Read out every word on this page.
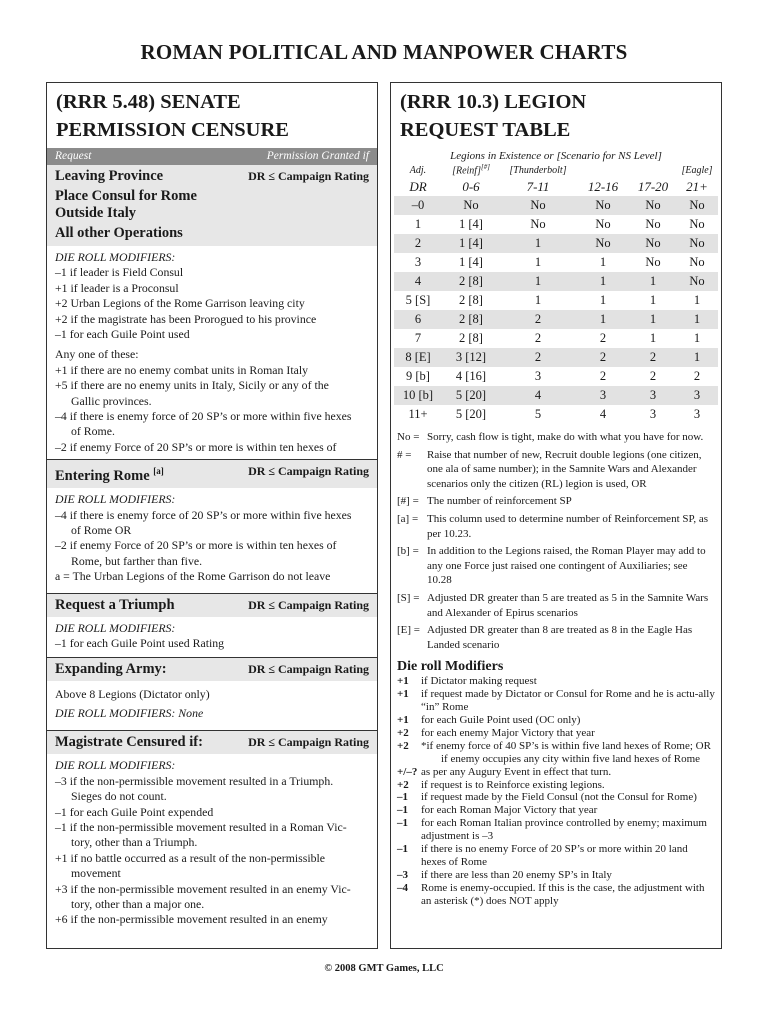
ROMAN POLITICAL AND MANPOWER CHARTS
(RRR 5.48) SENATE
PERMISSION CENSURE
Request	Permission Granted if
Leaving Province	DR ≤ Campaign Rating
Place Consul for Rome
Outside Italy
All other Operations
DIE ROLL MODIFIERS:
–1 if leader is Field Consul
+1 if leader is a Proconsul
+2 Urban Legions of the Rome Garrison leaving city
+2 if the magistrate has been Prorogued to his province
–1 for each Guile Point used
Any one of these:
+1 if there are no enemy combat units in Roman Italy
+5 if there are no enemy units in Italy, Sicily or any of the
Gallic provinces.
–4 if there is enemy force of 20 SP’s or more within five hexes
of Rome.
–2 if enemy Force of 20 SP’s or more is within ten hexes of
Entering Rome [a]	DR ≤ Campaign Rating
DIE ROLL MODIFIERS:
–4 if there is enemy force of 20 SP’s or more within five hexes
of Rome OR
–2 if enemy Force of 20 SP’s or more is within ten hexes of
Rome, but farther than five.
a = The Urban Legions of the Rome Garrison do not leave
Request a Triumph	DR ≤ Campaign Rating
DIE ROLL MODIFIERS:
–1 for each Guile Point used Rating
Expanding Army:	DR ≤ Campaign Rating
Above 8 Legions (Dictator only)
DIE ROLL MODIFIERS: None
Magistrate Censured if:	DR ≤ Campaign Rating
DIE ROLL MODIFIERS:
–3 if the non-permissible movement resulted in a Triumph.
Sieges do not count.
–1 for each Guile Point expended
–1 if the non-permissible movement resulted in a Roman Vic-
tory, other than a Triumph.
+1 if no battle occurred as a result of the non-permissible
movement
+3 if the non-permissible movement resulted in an enemy Vic-
tory, other than a major one.
+6 if the non-permissible movement resulted in an enemy
(RRR 10.3) LEGION
REQUEST TABLE
Legions in Existence or [Scenario for NS Level]
Adj.	[Reinf][#]	[Thunderbolt]			[Eagle]
DR	0-6	7-11	12-16	17-20	21+
–0	No	No	No	No	No
1	1 [4]	No	No	No	No
2	1 [4]	1	No	No	No
3	1 [4]	1	1	No	No
4	2 [8]	1	1	1	No
5 [S]	2 [8]	1	1	1	1
6	2 [8]	2	1	1	1
7	2 [8]	2	2	1	1
8 [E]	3 [12]	2	2	2	1
9 [b]	4 [16]	3	2	2	2
10 [b]	5 [20]	4	3	3	3
11+	5 [20]	5	4	3	3
No = Sorry, cash flow is tight, make do with what you have for now.
# =	Raise that number of new, Recruit double legions (one citizen, one ala of same number); in the Samnite Wars and Alexander scenarios only the citizen (RL) legion is used, OR
[#] = The number of reinforcement SP
[a] = This column used to determine number of Reinforcement SP, as per 10.23.
[b] = In addition to the Legions raised, the Roman Player may add to any one Force just raised one contingent of Auxiliaries; see 10.28
[S] = Adjusted DR greater than 5 are treated as 5 in the Samnite Wars and Alexander of Epirus scenarios
[E] = Adjusted DR greater than 8 are treated as 8 in the Eagle Has Landed scenario
Die roll Modifiers
+1	if Dictator making request
+1	if request made by Dictator or Consul for Rome and he is actu-ally “in” Rome
+1	for each Guile Point used (OC only)
+2	for each enemy Major Victory that year
+2	*if enemy force of 40 SP’s is within five land hexes of Rome; OR
if enemy occupies any city within five land hexes of Rome
+/–? as per any Augury Event in effect that turn.
+2	if request is to Reinforce existing legions.
–1	if request made by the Field Consul (not the Consul for Rome)
–1	for each Roman Major Victory that year
–1	for each Roman Italian province controlled by enemy; maximum adjustment is –3
–1	if there is no enemy Force of 20 SP’s or more within 20 land hexes of Rome
–3	if there are less than 20 enemy SP’s in Italy
–4	Rome is enemy-occupied. If this is the case, the adjustment with an asterisk (*) does NOT apply
© 2008 GMT Games, LLC
